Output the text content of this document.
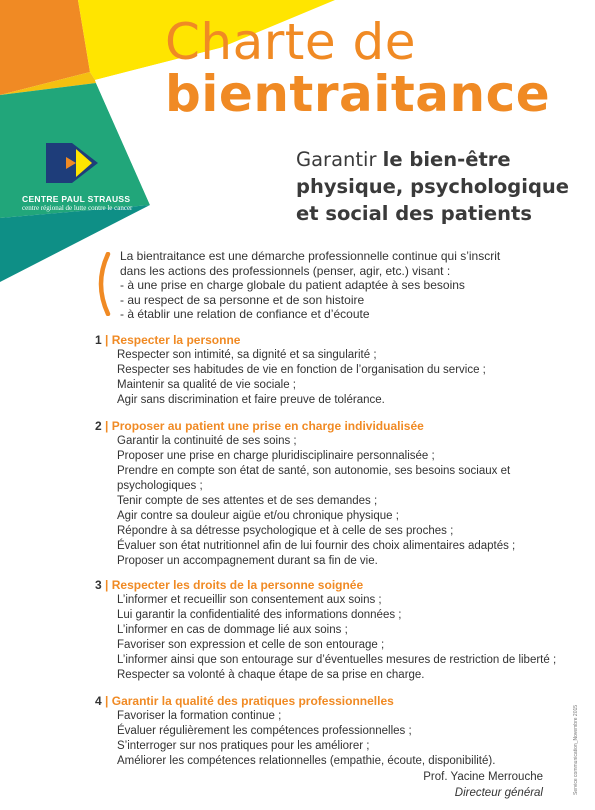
Charte de
bientraitance
Garantir le bien-être
physique, psychologique
et social des patients
CENTRE PAUL STRAUSS
centre régional de lutte contre le cancer
La bientraitance est une démarche professionnelle continue qui s’inscrit
dans les actions des professionnels (penser, agir, etc.) visant :
- à une prise en charge globale du patient adaptée à ses besoins
- au respect de sa personne et de son histoire
- à établir une relation de confiance et d’écoute
1 | Respecter la personne
Respecter son intimité, sa dignité et sa singularité ;
Respecter ses habitudes de vie en fonction de l’organisation du service ;
Maintenir sa qualité de vie sociale ;
Agir sans discrimination et faire preuve de tolérance.
2 | Proposer au patient une prise en charge individualisée
Garantir la continuité de ses soins ;
Proposer une prise en charge pluridisciplinaire personnalisée ;
Prendre en compte son état de santé, son autonomie, ses besoins sociaux et
psychologiques ;
Tenir compte de ses attentes et de ses demandes ;
Agir contre sa douleur aigüe et/ou chronique physique ;
Répondre à sa détresse psychologique et à celle de ses proches ;
Évaluer son état nutritionnel afin de lui fournir des choix alimentaires adaptés ;
Proposer un accompagnement durant sa fin de vie.
3 | Respecter les droits de la personne soignée
L’informer et recueillir son consentement aux soins ;
Lui garantir la confidentialité des informations données ;
L’informer en cas de dommage lié aux soins ;
Favoriser son expression et celle de son entourage ;
L’informer ainsi que son entourage sur d’éventuelles mesures de restriction de liberté ;
Respecter sa volonté à chaque étape de sa prise en charge.
4 | Garantir la qualité des pratiques professionnelles
Favoriser la formation continue ;
Évaluer régulièrement les compétences professionnelles ;
S’interroger sur nos pratiques pour les améliorer ;
Améliorer les compétences relationnelles (empathie, écoute, disponibilité).
Prof. Yacine Merrouche
Directeur général	Service communication_Novembre 2015
